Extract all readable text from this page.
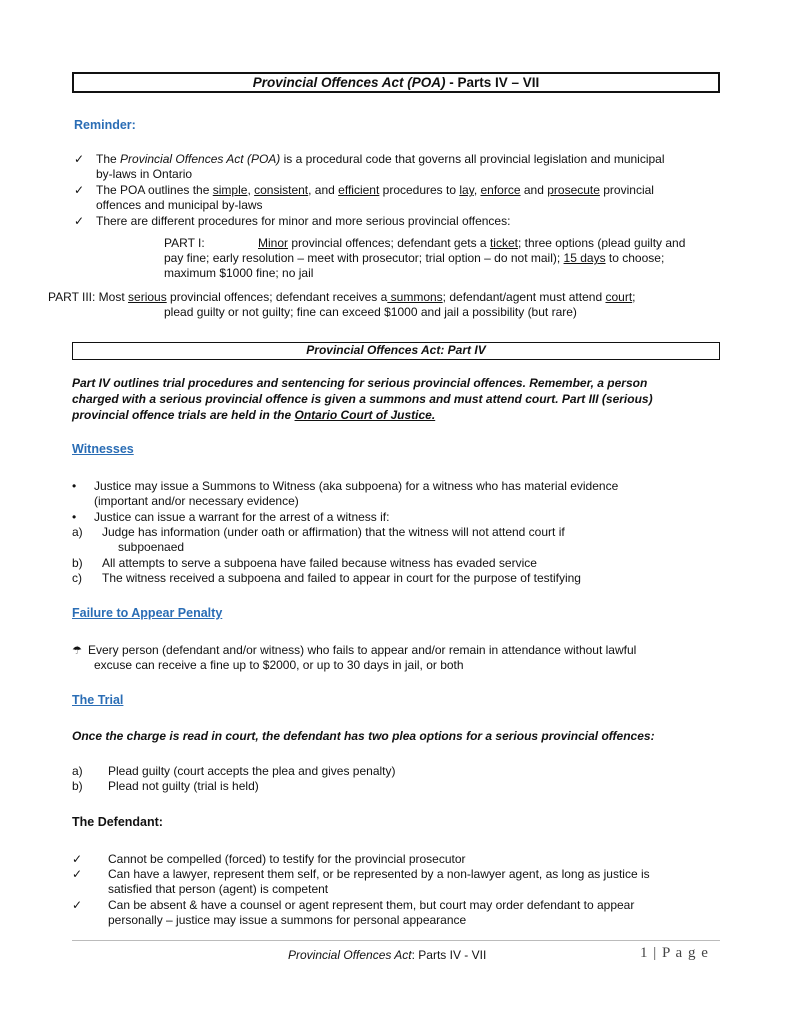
Provincial Offences Act (POA) - Parts IV – VII
Reminder:
✓ The Provincial Offences Act (POA) is a procedural code that governs all provincial legislation and municipal
by-laws in Ontario
✓ The POA outlines the simple, consistent, and efficient procedures to lay, enforce and prosecute provincial
offences and municipal by-laws
✓ There are different procedures for minor and more serious provincial offences:
PART I:	Minor provincial offences; defendant gets a ticket; three options (plead guilty and
pay fine; early resolution – meet with prosecutor; trial option – do not mail); 15 days to choose;
maximum $1000 fine; no jail
PART III: Most serious provincial offences; defendant receives a summons; defendant/agent must attend court;
plead guilty or not guilty; fine can exceed $1000 and jail a possibility (but rare)
Provincial Offences Act: Part IV
Part IV outlines trial procedures and sentencing for serious provincial offences. Remember, a person
charged with a serious provincial offence is given a summons and must attend court. Part III (serious)
provincial offence trials are held in the Ontario Court of Justice.
Witnesses
• Justice may issue a Summons to Witness (aka subpoena) for a witness who has material evidence
(important and/or necessary evidence)
• Justice can issue a warrant for the arrest of a witness if:
a) Judge has information (under oath or affirmation) that the witness will not attend court if
subpoenaed
b) All attempts to serve a subpoena have failed because witness has evaded service
c) The witness received a subpoena and failed to appear in court for the purpose of testifying
Failure to Appear Penalty
☂ Every person (defendant and/or witness) who fails to appear and/or remain in attendance without lawful
excuse can receive a fine up to $2000, or up to 30 days in jail, or both
The Trial
Once the charge is read in court, the defendant has two plea options for a serious provincial offences:
a) Plead guilty (court accepts the plea and gives penalty)
b) Plead not guilty (trial is held)
The Defendant:
✓ Cannot be compelled (forced) to testify for the provincial prosecutor
✓ Can have a lawyer, represent them self, or be represented by a non-lawyer agent, as long as justice is
satisfied that person (agent) is competent
✓ Can be absent & have a counsel or agent represent them, but court may order defendant to appear
personally – justice may issue a summons for personal appearance
Provincial Offences Act: Parts IV - VII	1 | P a g e
